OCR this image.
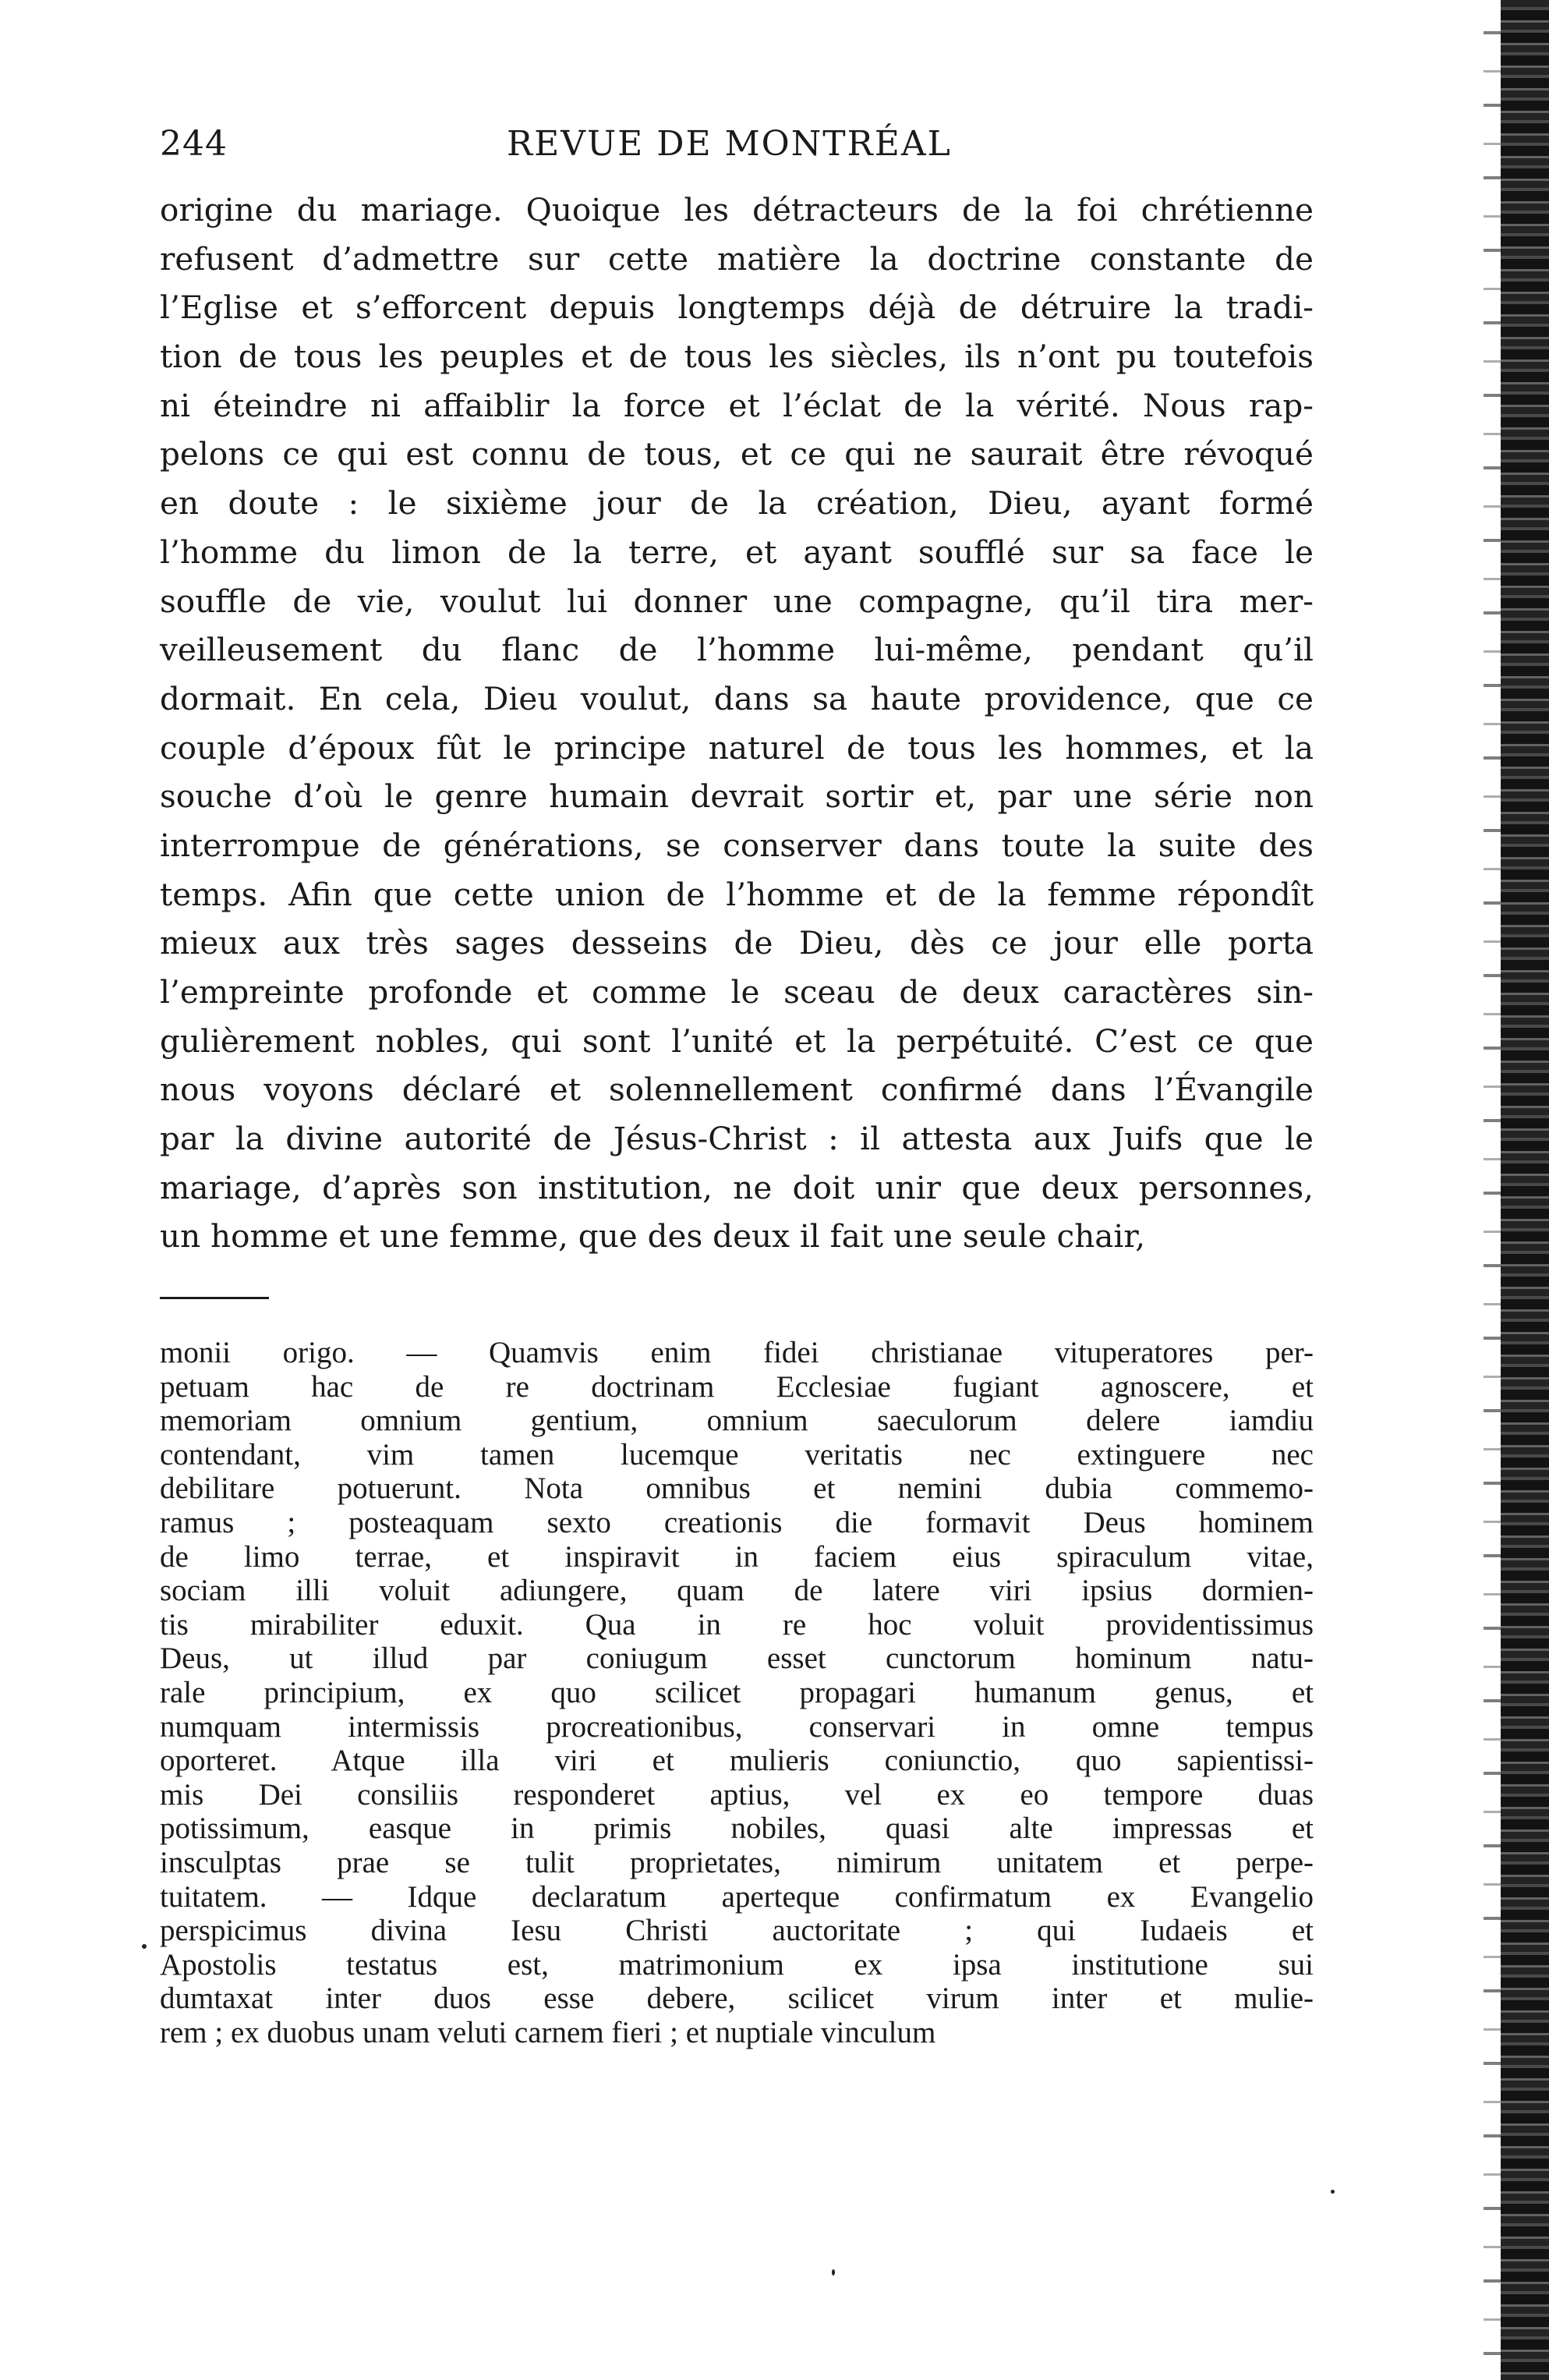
244	REVUE DE MONTRÉAL
origine du mariage. Quoique les détracteurs de la foi chrétienne
refusent d’admettre sur cette matière la doctrine constante de
l’Eglise et s’efforcent depuis longtemps déjà de détruire la tradi-
tion de tous les peuples et de tous les siècles, ils n’ont pu toutefois
ni éteindre ni affaiblir la force et l’éclat de la vérité. Nous rap-
pelons ce qui est connu de tous, et ce qui ne saurait être révoqué
en doute : le sixième jour de la création, Dieu, ayant formé
l’homme du limon de la terre, et ayant soufflé sur sa face le
souffle de vie, voulut lui donner une compagne, qu’il tira mer-
veilleusement du flanc de l’homme lui-même, pendant qu’il
dormait. En cela, Dieu voulut, dans sa haute providence, que ce
couple d’époux fût le principe naturel de tous les hommes, et la
souche d’où le genre humain devrait sortir et, par une série non
interrompue de générations, se conserver dans toute la suite des
temps. Afin que cette union de l’homme et de la femme répondît
mieux aux très sages desseins de Dieu, dès ce jour elle porta
l’empreinte profonde et comme le sceau de deux caractères sin-
gulièrement nobles, qui sont l’unité et la perpétuité. C’est ce que
nous voyons déclaré et solennellement confirmé dans l’Évangile
par la divine autorité de Jésus-Christ : il attesta aux Juifs que le
mariage, d’après son institution, ne doit unir que deux personnes,
un homme et une femme, que des deux il fait une seule chair,
monii origo. — Quamvis enim fidei christianae vituperatores per-
petuam hac de re doctrinam Ecclesiae fugiant agnoscere, et
memoriam omnium gentium, omnium saeculorum delere iamdiu
contendant, vim tamen lucemque veritatis nec extinguere nec
debilitare potuerunt. Nota omnibus et nemini dubia commemo-
ramus ; posteaquam sexto creationis die formavit Deus hominem
de limo terrae, et inspiravit in faciem eius spiraculum vitae,
sociam illi voluit adiungere, quam de latere viri ipsius dormien-
tis mirabiliter eduxit. Qua in re hoc voluit providentissimus
Deus, ut illud par coniugum esset cunctorum hominum natu-
rale principium, ex quo scilicet propagari humanum genus, et
numquam intermissis procreationibus, conservari in omne tempus
oporteret. Atque illa viri et mulieris coniunctio, quo sapientissi-
mis Dei consiliis responderet aptius, vel ex eo tempore duas
potissimum, easque in primis nobiles, quasi alte impressas et
insculptas prae se tulit proprietates, nimirum unitatem et perpe-
tuitatem. — Idque declaratum aperteque confirmatum ex Evangelio
perspicimus divina Iesu Christi auctoritate ; qui Iudaeis et
Apostolis testatus est, matrimonium ex ipsa institutione sui
dumtaxat inter duos esse debere, scilicet virum inter et mulie-
rem ; ex duobus unam veluti carnem fieri ; et nuptiale vinculum
